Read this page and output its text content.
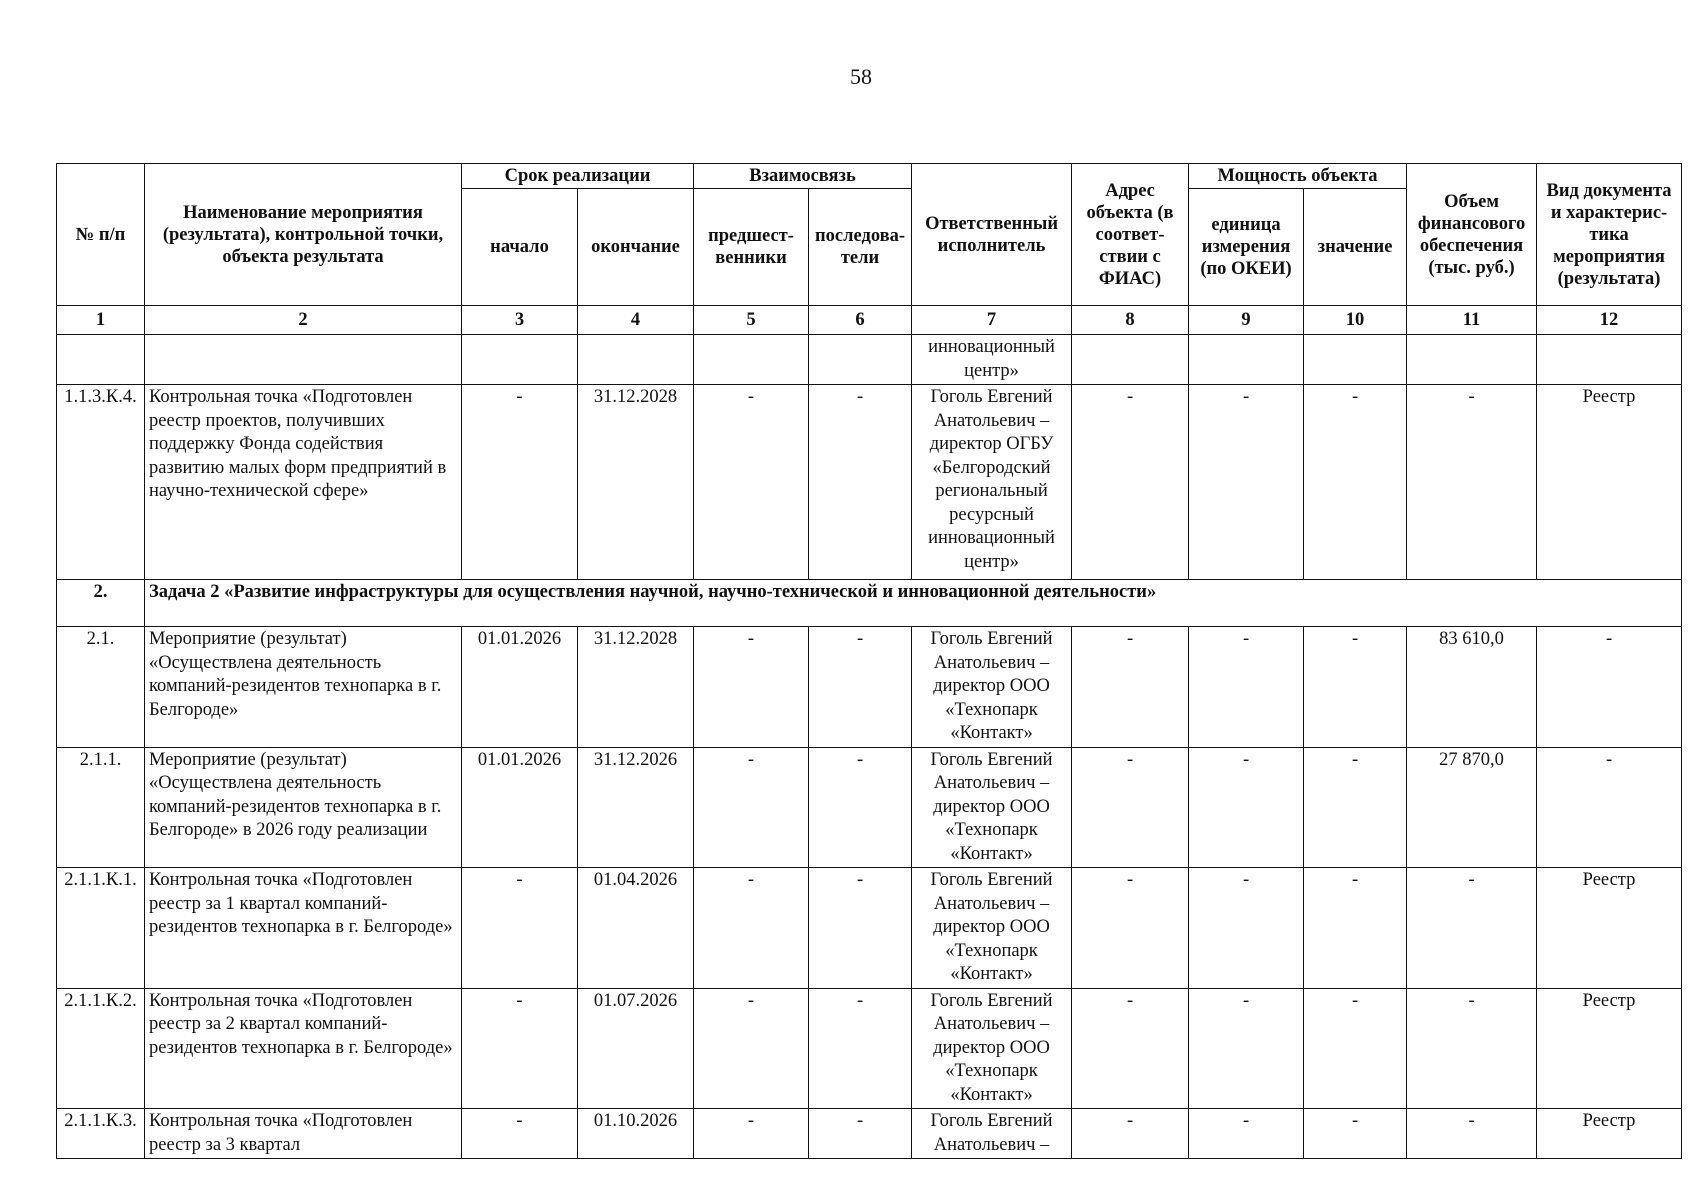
58
№ п/п	Наименование мероприятия (результата), контрольной точки, объекта результата	Срок реализации		Взаимосвязь		Ответственный исполнитель	Адрес объекта (в соответ-ствии с ФИАС)	Мощность объекта		Объем финансового обеспечения (тыс. руб.)	Вид документа и характерис-тика мероприятия (результата)
		начало	окончание	предшест-венники	последова-тели			единица измерения (по ОКЕИ)	значение		
1	2	3	4	5	6	7	8	9	10	11	12
						инновационный центр»					
1.1.3.К.4.	Контрольная точка «Подготовлен реестр проектов, получивших поддержку Фонда содействия развитию малых форм предприятий в научно-технической сфере»	-	31.12.2028	-	-	Гоголь Евгений Анатольевич – директор ОГБУ «Белгородский региональный ресурсный инновационный центр»	-	-	-	-	Реестр
2.	Задача 2 «Развитие инфраструктуры для осуществления научной, научно-технической и инновационной деятельности»										
2.1.	Мероприятие (результат) «Осуществлена деятельность компаний-резидентов технопарка в г. Белгороде»	01.01.2026	31.12.2028	-	-	Гоголь Евгений Анатольевич – директор ООО «Технопарк «Контакт»	-	-	-	83 610,0	-
2.1.1.	Мероприятие (результат) «Осуществлена деятельность компаний-резидентов технопарка в г. Белгороде» в 2026 году реализации	01.01.2026	31.12.2026	-	-	Гоголь Евгений Анатольевич – директор ООО «Технопарк «Контакт»	-	-	-	27 870,0	-
2.1.1.К.1.	Контрольная точка «Подготовлен реестр за 1 квартал компаний-резидентов технопарка в г. Белгороде»	-	01.04.2026	-	-	Гоголь Евгений Анатольевич – директор ООО «Технопарк «Контакт»	-	-	-	-	Реестр
2.1.1.К.2.	Контрольная точка «Подготовлен реестр за 2 квартал компаний-резидентов технопарка в г. Белгороде»	-	01.07.2026	-	-	Гоголь Евгений Анатольевич – директор ООО «Технопарк «Контакт»	-	-	-	-	Реестр
2.1.1.К.3.	Контрольная точка «Подготовлен реестр за 3 квартал	-	01.10.2026	-	-	Гоголь Евгений Анатольевич –	-	-	-	-	Реестр
